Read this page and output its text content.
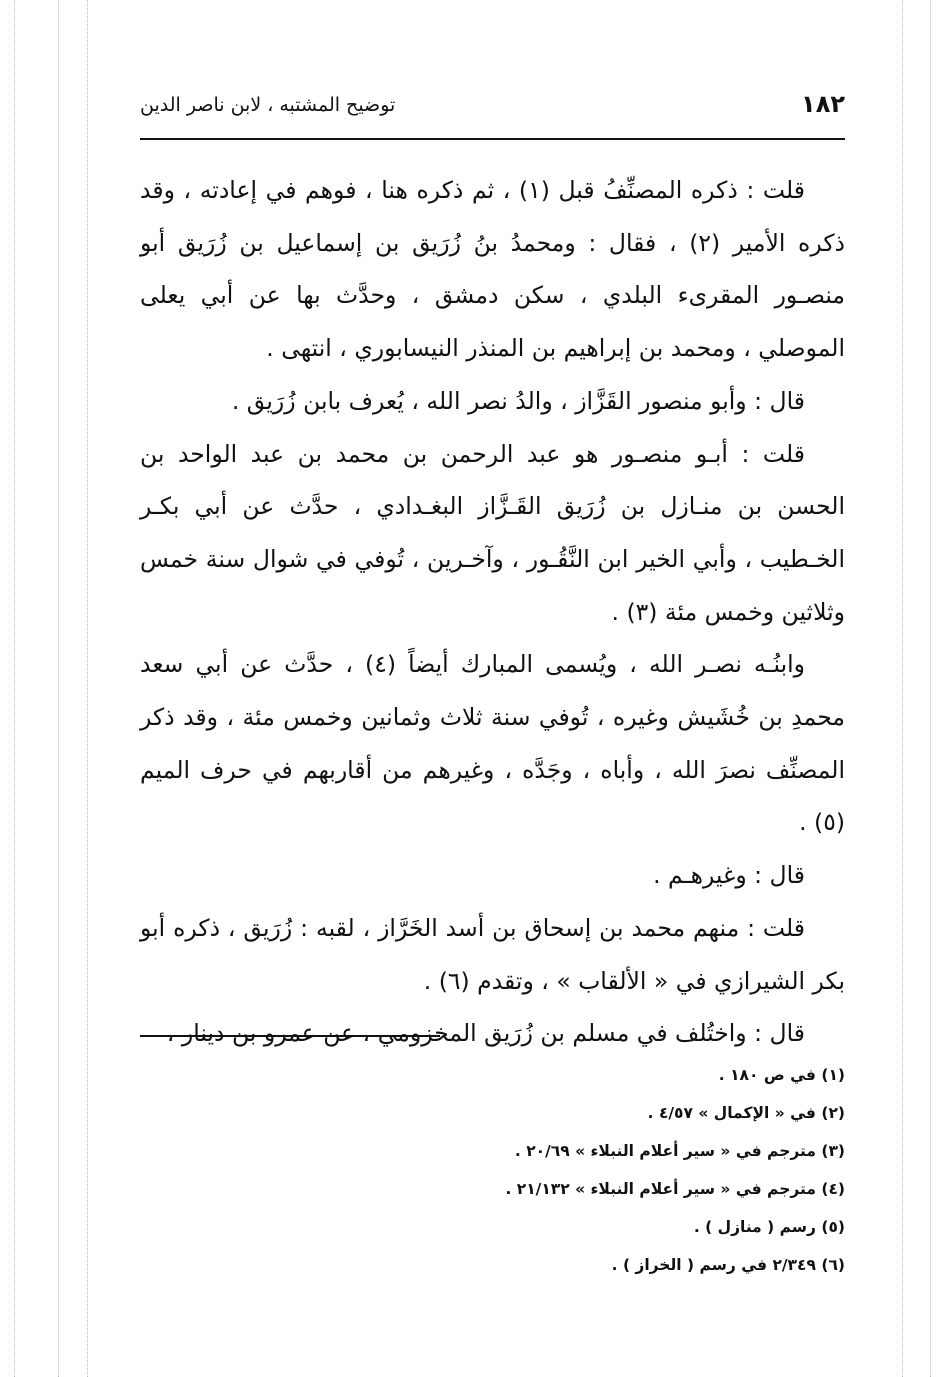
١٨٢
توضيح المشتبه ، لابن ناصر الدين

قلت : ذكره المصنِّفُ قبل (١) ، ثم ذكره هنا ، فوهم في إعادته ، وقد ذكره الأمير (٢) ، فقال : ومحمدُ بنُ زُرَيق بن إسماعيل بن زُرَيق أبو منصـور المقرىء البلدي ، سكن دمشق ، وحدَّث بها عن أبي يعلى الموصلي ، ومحمد بن إبراهيم بن المنذر النيسابوري ، انتهى .

قال : وأبو منصور القَزَّاز ، والدُ نصر الله ، يُعرف بابن زُرَيق .

قلت : أبـو منصـور هو عبد الرحمن بن محمد بن عبد الواحد بن الحسن بن منـازل بن زُرَيق القَـزَّاز البغـدادي ، حدَّث عن أبي بكـر الخـطيب ، وأبي الخير ابن النَّقُـور ، وآخـرين ، تُوفي في شوال سنة خمس وثلاثين وخمس مئة (٣) .

وابنُـه نصـر الله ، ويُسمى المبارك أيضاً (٤) ، حدَّث عن أبي سعد محمدِ بن خُشَيش وغيره ، تُوفي سنة ثلاث وثمانين وخمس مئة ، وقد ذكر المصنِّف نصرَ الله ، وأباه ، وجَدَّه ، وغيرهم من أقاربهم في حرف الميم (٥) .

قال : وغيرهـم .

قلت : منهم محمد بن إسحاق بن أسد الخَرَّاز ، لقبه : زُرَيق ، ذكره أبو بكر الشيرازي في « الألقاب » ، وتقدم (٦) .

قال : واختُلف في مسلم بن زُرَيق المخزومي ، عن عمرو بن دينار ،

(١) في ص ١٨٠ .

(٢) في « الإكمال » ٤/٥٧ .

(٣) مترجم في « سير أعلام النبلاء » ٢٠/٦٩ .

(٤) مترجم في « سير أعلام النبلاء » ٢١/١٣٢ .

(٥) رسم ( منازل ) .

(٦) ٢/٣٤٩ في رسم ( الخراز ) .
